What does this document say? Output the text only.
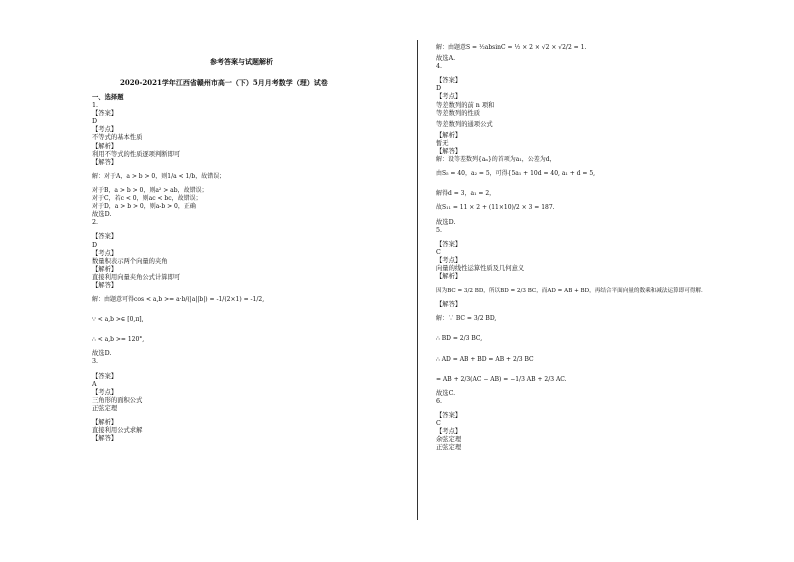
参考答案与试题解析
2020-2021学年江西省赣州市高一（下）5月月考数学（理）试卷
一、选择题
1.
【答案】
D
【考点】
不等式的基本性质
【解析】
利用不等式的性质逐项判断即可
【解答】
解：对于A，a > b > 0，则1/a < 1/b，故错误；
对于B，a > b > 0，则a² > ab，故错误；
对于C，若c < 0，则ac < bc，故错误；
对于D，a > b > 0，则a-b > 0，正确
故选D.
2.
【答案】
D
【考点】
数量积表示两个向量的夹角
【解析】
直接利用向量夹角公式计算即可
【解答】
解：由题意可得cos < a,b >= a·b/(|a||b|) = -1/(2×1) = -1/2,
∵ < a,b >∈ [0,π],
∴ < a,b >= 120°,
故选D.
3.
【答案】
A
【考点】
三角形的面积公式
正弦定理
【解析】
直接利用公式求解
【解答】
解：由题意S = ½absinC = ½ × 2 × √2 × √2/2 = 1.
故选A.
4.
【答案】
D
【考点】
等差数列的前 n 项和
等差数列的性质
等差数列的通项公式
【解析】
暂无
【解答】
解：设等差数列{aₙ}的首项为a₁，公差为d，
由S₅ = 40，a₂ = 5，可得{5a₁ + 10d = 40, a₁ + d = 5,
解得d = 3，a₁ = 2，
故S₁₁ = 11 × 2 + (11×10)/2 × 3 = 187.
故选D.
5.
【答案】
C
【考点】
向量的线性运算性质及几何意义
【解析】
因为BC = 3/2 BD，所以BD = 2/3 BC，而AD = AB + BD，再结合平面向量的数乘和减法运算即可得解.
【解答】
解：∵ BC = 3/2 BD,
∴ BD = 2/3 BC,
∴ AD = AB + BD = AB + 2/3 BC
= AB + 2/3(AC − AB) = −1/3 AB + 2/3 AC.
故选C.
6.
【答案】
C
【考点】
余弦定理
正弦定理
